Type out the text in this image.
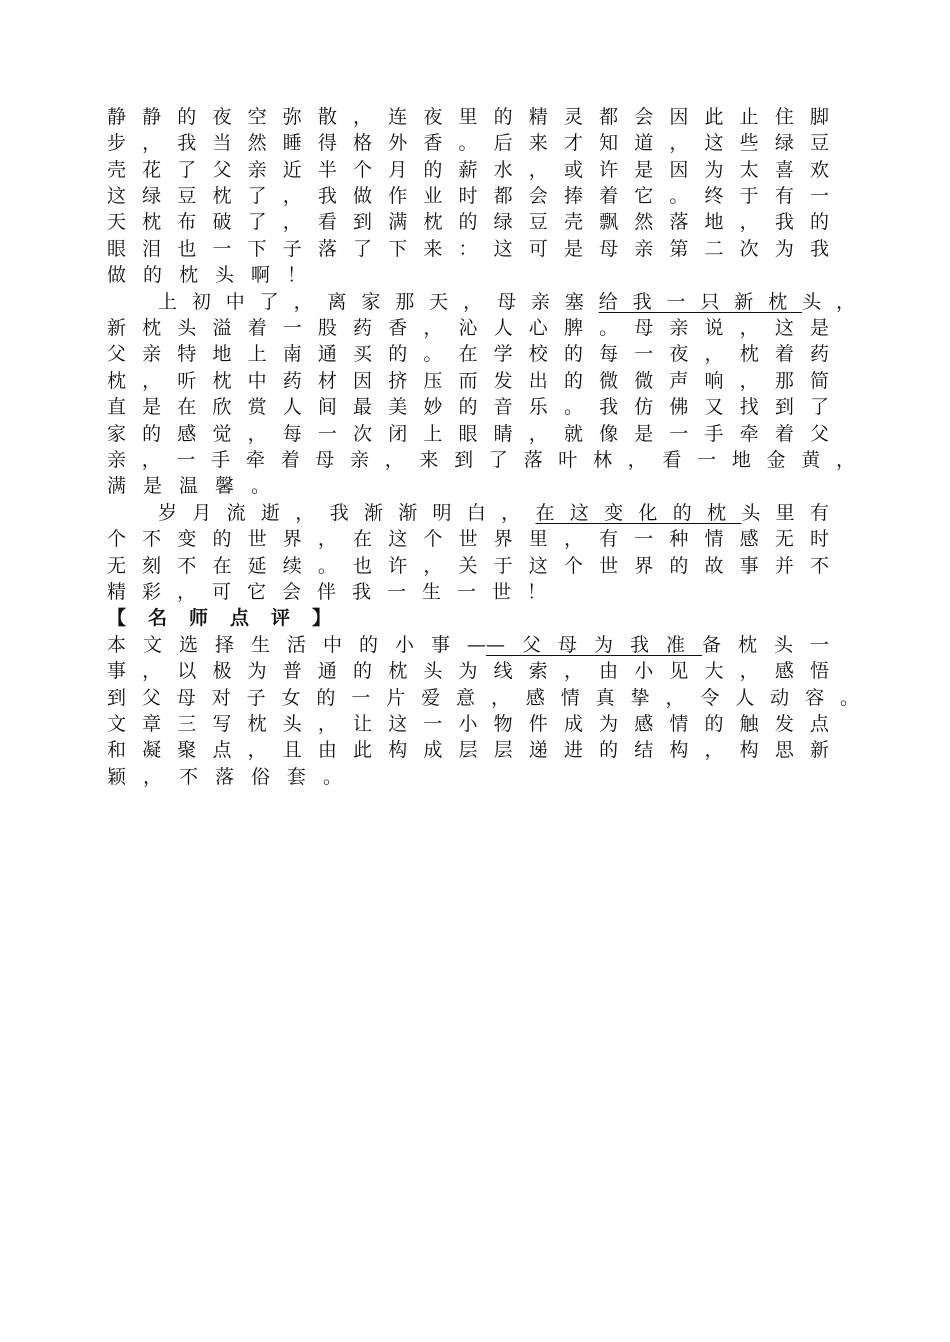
静静的夜空弥散，连夜里的精灵都会因此止住脚
步，我当然睡得格外香。后来才知道，这些绿豆
壳花了父亲近半个月的薪水，或许是因为太喜欢
这绿豆枕了，我做作业时都会捧着它。终于有一
天枕布破了，看到满枕的绿豆壳飘然落地，我的
眼泪也一下子落了下来：这可是母亲第二次为我
做的枕头啊！
上初中了，离家那天，母亲塞给我一只新枕头，
新枕头溢着一股药香，沁人心脾。母亲说，这是
父亲特地上南通买的。在学校的每一夜，枕着药
枕，听枕中药材因挤压而发出的微微声响，那简
直是在欣赏人间最美妙的音乐。我仿佛又找到了
家的感觉，每一次闭上眼睛，就像是一手牵着父
亲，一手牵着母亲，来到了落叶林，看一地金黄，
满是温馨。
岁月流逝，我渐渐明白，在这变化的枕头里有
个不变的世界，在这个世界里，有一种情感无时
无刻不在延续。也许，关于这个世界的故事并不
精彩，可它会伴我一生一世！
【名师点评】
本文选择生活中的小事——父母为我准备枕头一
事，以极为普通的枕头为线索，由小见大，感悟
到父母对子女的一片爱意，感情真挚，令人动容。
文章三写枕头，让这一小物件成为感情的触发点
和凝聚点，且由此构成层层递进的结构，构思新
颖，不落俗套。
